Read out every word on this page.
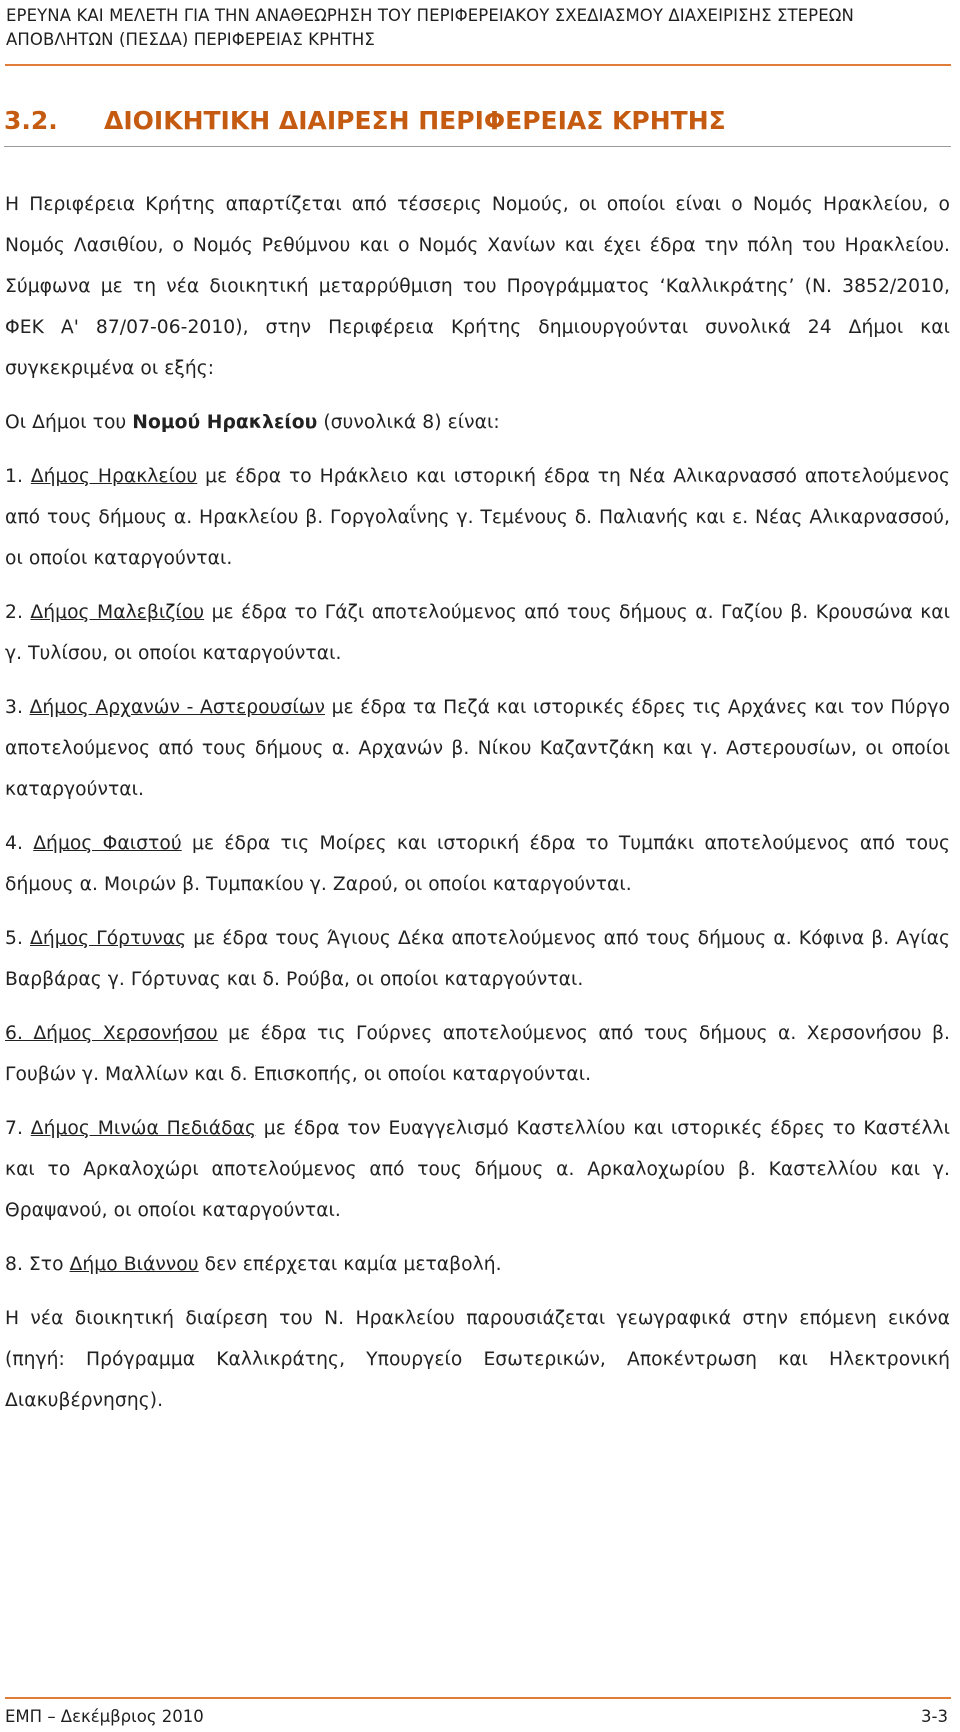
ΕΡΕΥΝΑ ΚΑΙ ΜΕΛΕΤΗ ΓΙΑ ΤΗΝ ΑΝΑΘΕΩΡΗΣΗ ΤΟΥ ΠΕΡΙΦΕΡΕΙΑΚΟΥ ΣΧΕΔΙΑΣΜΟΥ ΔΙΑΧΕΙΡΙΣΗΣ ΣΤΕΡΕΩΝ ΑΠΟΒΛΗΤΩΝ (ΠΕΣΔΑ) ΠΕΡΙΦΕΡΕΙΑΣ ΚΡΗΤΗΣ
3.2. ΔΙΟΙΚΗΤΙΚΗ ΔΙΑΙΡΕΣΗ ΠΕΡΙΦΕΡΕΙΑΣ ΚΡΗΤΗΣ

Η Περιφέρεια Κρήτης απαρτίζεται από τέσσερις Νομούς, οι οποίοι είναι ο Νομός Ηρακλείου, ο Νομός Λασιθίου, ο Νομός Ρεθύμνου και ο Νομός Χανίων και έχει έδρα την πόλη του Ηρακλείου. Σύμφωνα με τη νέα διοικητική μεταρρύθμιση του Προγράμματος ‘Καλλικράτης’ (Ν. 3852/2010, ΦΕΚ Α' 87/07-06-2010), στην Περιφέρεια Κρήτης δημιουργούνται συνολικά 24 Δήμοι και συγκεκριμένα οι εξής:

Οι Δήμοι του Νομού Ηρακλείου (συνολικά 8) είναι:

1. Δήμος Ηρακλείου με έδρα το Ηράκλειο και ιστορική έδρα τη Νέα Αλικαρνασσό αποτελούμενος από τους δήμους α. Ηρακλείου β. Γοργολαΐνης γ. Τεμένους δ. Παλιανής και ε. Νέας Αλικαρνασσού, οι οποίοι καταργούνται.

2. Δήμος Μαλεβιζίου με έδρα το Γάζι αποτελούμενος από τους δήμους α. Γαζίου β. Κρουσώνα και γ. Τυλίσου, οι οποίοι καταργούνται.

3. Δήμος Αρχανών - Αστερουσίων με έδρα τα Πεζά και ιστορικές έδρες τις Αρχάνες και τον Πύργο αποτελούμενος από τους δήμους α. Αρχανών β. Νίκου Καζαντζάκη και γ. Αστερουσίων, οι οποίοι καταργούνται.

4. Δήμος Φαιστού με έδρα τις Μοίρες και ιστορική έδρα το Τυμπάκι αποτελούμενος από τους δήμους α. Μοιρών β. Τυμπακίου γ. Ζαρού, οι οποίοι καταργούνται.

5. Δήμος Γόρτυνας με έδρα τους Άγιους Δέκα αποτελούμενος από τους δήμους α. Κόφινα β. Αγίας Βαρβάρας γ. Γόρτυνας και δ. Ρούβα, οι οποίοι καταργούνται.

6. Δήμος Χερσονήσου με έδρα τις Γούρνες αποτελούμενος από τους δήμους α. Χερσονήσου β. Γουβών γ. Μαλλίων και δ. Επισκοπής, οι οποίοι καταργούνται.

7. Δήμος Μινώα Πεδιάδας με έδρα τον Ευαγγελισμό Καστελλίου και ιστορικές έδρες το Καστέλλι και το Αρκαλοχώρι αποτελούμενος από τους δήμους α. Αρκαλοχωρίου β. Καστελλίου και γ. Θραψανού, οι οποίοι καταργούνται.

8. Στο Δήμο Βιάννου δεν επέρχεται καμία μεταβολή.

Η νέα διοικητική διαίρεση του Ν. Ηρακλείου παρουσιάζεται γεωγραφικά στην επόμενη εικόνα (πηγή: Πρόγραμμα Καλλικράτης, Υπουργείο Εσωτερικών, Αποκέντρωση και Ηλεκτρονική Διακυβέρνησης).

ΕΜΠ – Δεκέμβριος 2010	3-3
